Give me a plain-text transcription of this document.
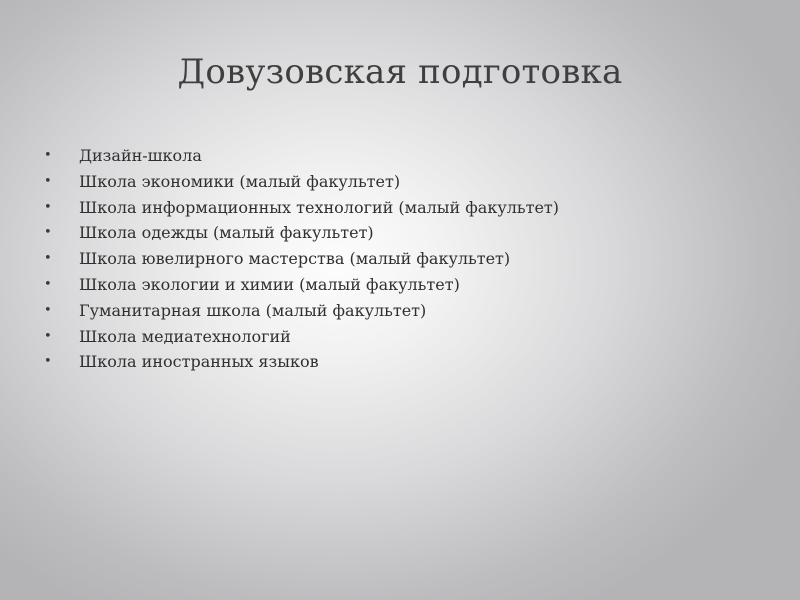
Довузовская подготовка
• Дизайн-школа
• Школа экономики (малый факультет)
• Школа информационных технологий (малый факультет)
• Школа одежды (малый факультет)
• Школа ювелирного мастерства (малый факультет)
• Школа экологии и химии (малый факультет)
• Гуманитарная школа (малый факультет)
• Школа медиатехнологий
• Школа иностранных языков
